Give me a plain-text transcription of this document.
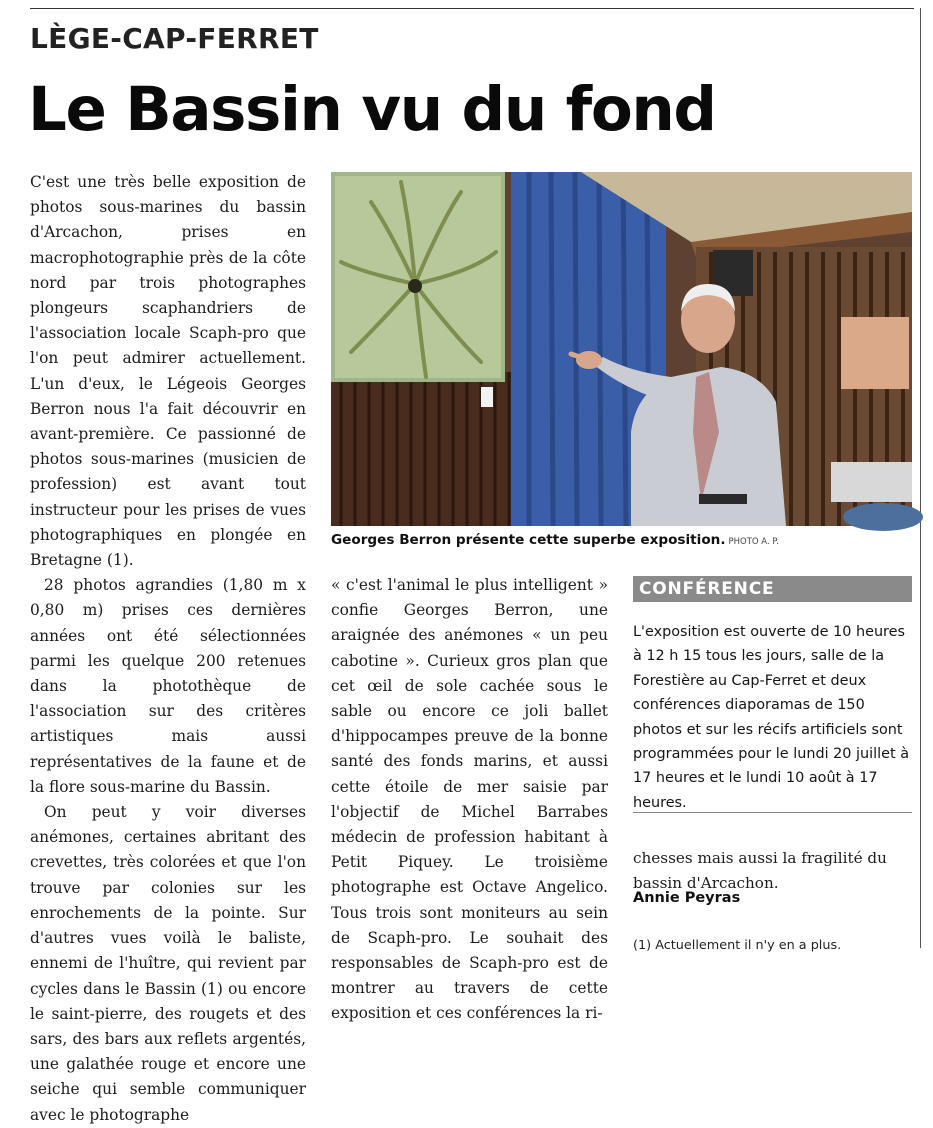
LÈGE-CAP-FERRET
Le Bassin vu du fond

C'est une très belle exposition de photos sous-marines du bassin d'Arcachon, prises en macrophotographie près de la côte nord par trois photographes plongeurs scaphandriers de l'association locale Scaph-pro que l'on peut admirer actuellement. L'un d'eux, le Légeois Georges Berron nous l'a fait découvrir en avant-première. Ce passionné de photos sous-marines (musicien de profession) est avant tout instructeur pour les prises de vues photographiques en plongée en Bretagne (1).

28 photos agrandies (1,80 m x 0,80 m) prises ces dernières années ont été sélectionnées parmi les quelque 200 retenues dans la photothèque de l'association sur des critères artistiques mais aussi représentatives de la faune et de la flore sous-marine du Bassin.

On peut y voir diverses anémones, certaines abritant des crevettes, très colorées et que l'on trouve par colonies sur les enrochements de la pointe. Sur d'autres vues voilà le baliste, ennemi de l'huître, qui revient par cycles dans le Bassin (1) ou encore le saint-pierre, des rougets et des sars, des bars aux reflets argentés, une galathée rouge et encore une seiche qui semble communiquer avec le photographe

Georges Berron présente cette superbe exposition. PHOTO A. P.

« c'est l'animal le plus intelligent » confie Georges Berron, une araignée des anémones « un peu cabotine ». Curieux gros plan que cet œil de sole cachée sous le sable ou encore ce joli ballet d'hippocampes preuve de la bonne santé des fonds marins, et aussi cette étoile de mer saisie par l'objectif de Michel Barrabes médecin de profession habitant à Petit Piquey. Le troisième photographe est Octave Angelico. Tous trois sont moniteurs au sein de Scaph-pro. Le souhait des responsables de Scaph-pro est de montrer au travers de cette exposition et ces conférences la ri-

CONFÉRENCE
L'exposition est ouverte de 10 heures à 12 h 15 tous les jours, salle de la Forestière au Cap-Ferret et deux conférences diaporamas de 150 photos et sur les récifs artificiels sont programmées pour le lundi 20 juillet à 17 heures et le lundi 10 août à 17 heures.

chesses mais aussi la fragilité du bassin d'Arcachon.

Annie Peyras
(1) Actuellement il n'y en a plus.
